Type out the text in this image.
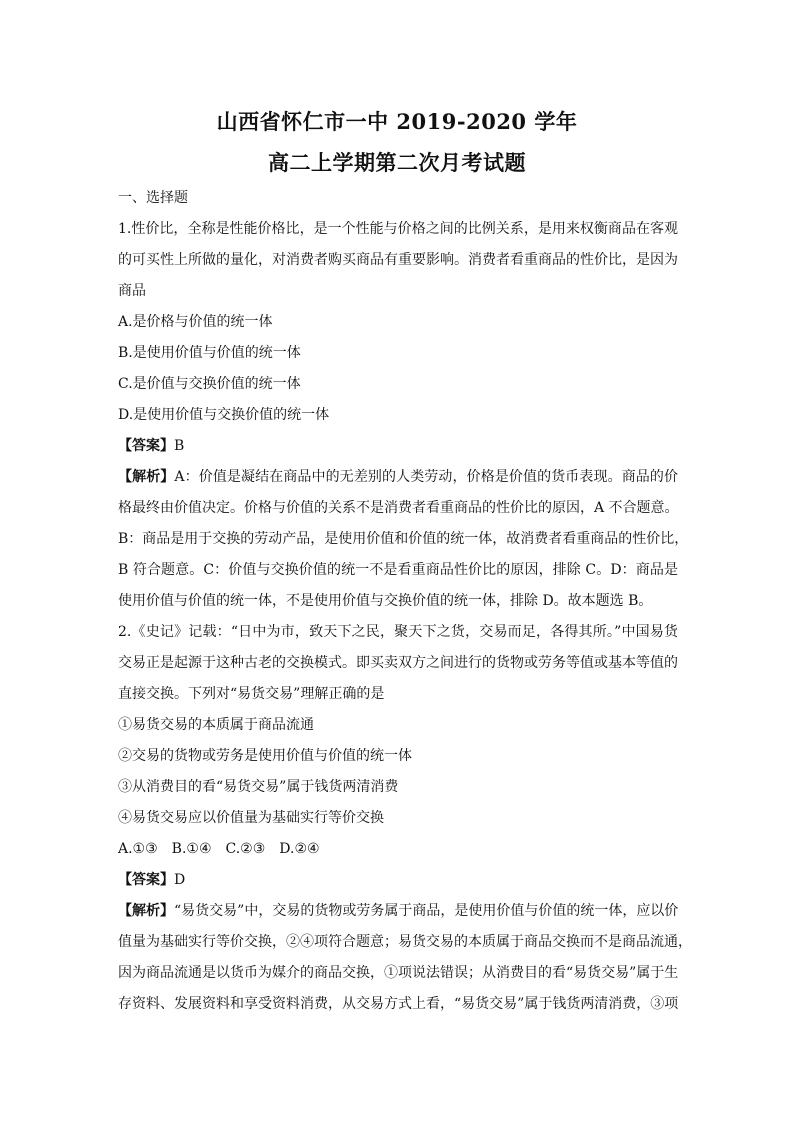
山西省怀仁市一中 2019-2020 学年
高二上学期第二次月考试题
一、选择题
1.性价比，全称是性能价格比，是一个性能与价格之间的比例关系，是用来权衡商品在客观
的可买性上所做的量化，对消费者购买商品有重要影响。消费者看重商品的性价比，是因为
商品
A.是价格与价值的统一体
B.是使用价值与价值的统一体
C.是价值与交换价值的统一体
D.是使用价值与交换价值的统一体
【答案】B
【解析】A：价值是凝结在商品中的无差别的人类劳动，价格是价值的货币表现。商品的价
格最终由价值决定。价格与价值的关系不是消费者看重商品的性价比的原因，A 不合题意。
B：商品是用于交换的劳动产品，是使用价值和价值的统一体，故消费者看重商品的性价比，
B 符合题意。C：价值与交换价值的统一不是看重商品性价比的原因，排除 C。D：商品是
使用价值与价值的统一体，不是使用价值与交换价值的统一体，排除 D。故本题选 B。
2.《史记》记载：“日中为市，致天下之民，聚天下之货，交易而足，各得其所。”中国易货
交易正是起源于这种古老的交换模式。即买卖双方之间进行的货物或劳务等值或基本等值的
直接交换。下列对“易货交易”理解正确的是
①易货交易的本质属于商品流通
②交易的货物或劳务是使用价值与价值的统一体
③从消费目的看“易货交易”属于钱货两清消费
④易货交易应以价值量为基础实行等价交换
A.①③　B.①④　C.②③　D.②④
【答案】D
【解析】“易货交易”中，交易的货物或劳务属于商品，是使用价值与价值的统一体，应以价
值量为基础实行等价交换，②④项符合题意；易货交易的本质属于商品交换而不是商品流通，
因为商品流通是以货币为媒介的商品交换，①项说法错误；从消费目的看“易货交易”属于生
存资料、发展资料和享受资料消费，从交易方式上看，“易货交易”属于钱货两清消费，③项
